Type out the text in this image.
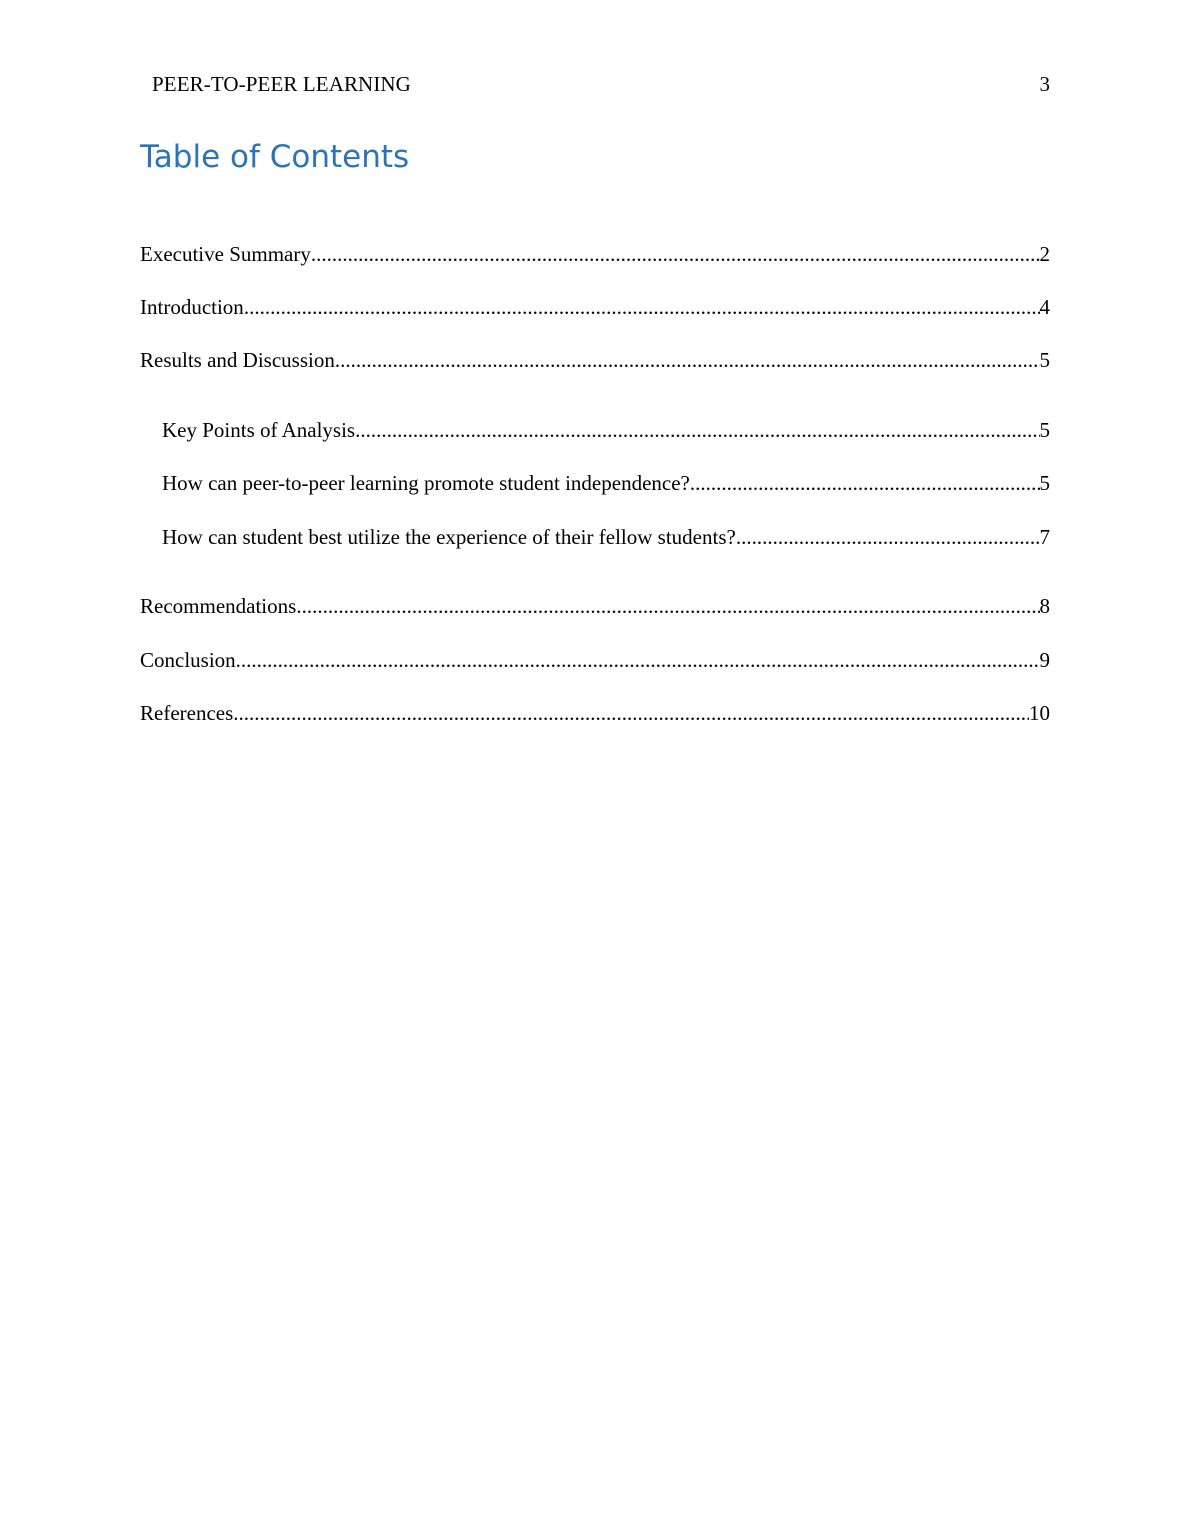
PEER-TO-PEER LEARNING	3
Table of Contents
Executive Summary .....	2
Introduction .....	4
Results and Discussion .....	5
Key Points of Analysis .....	5
How can peer-to-peer learning promote student independence? .....	5
How can student best utilize the experience of their fellow students? .....	7
Recommendations .....	8
Conclusion .....	9
References .....	10
